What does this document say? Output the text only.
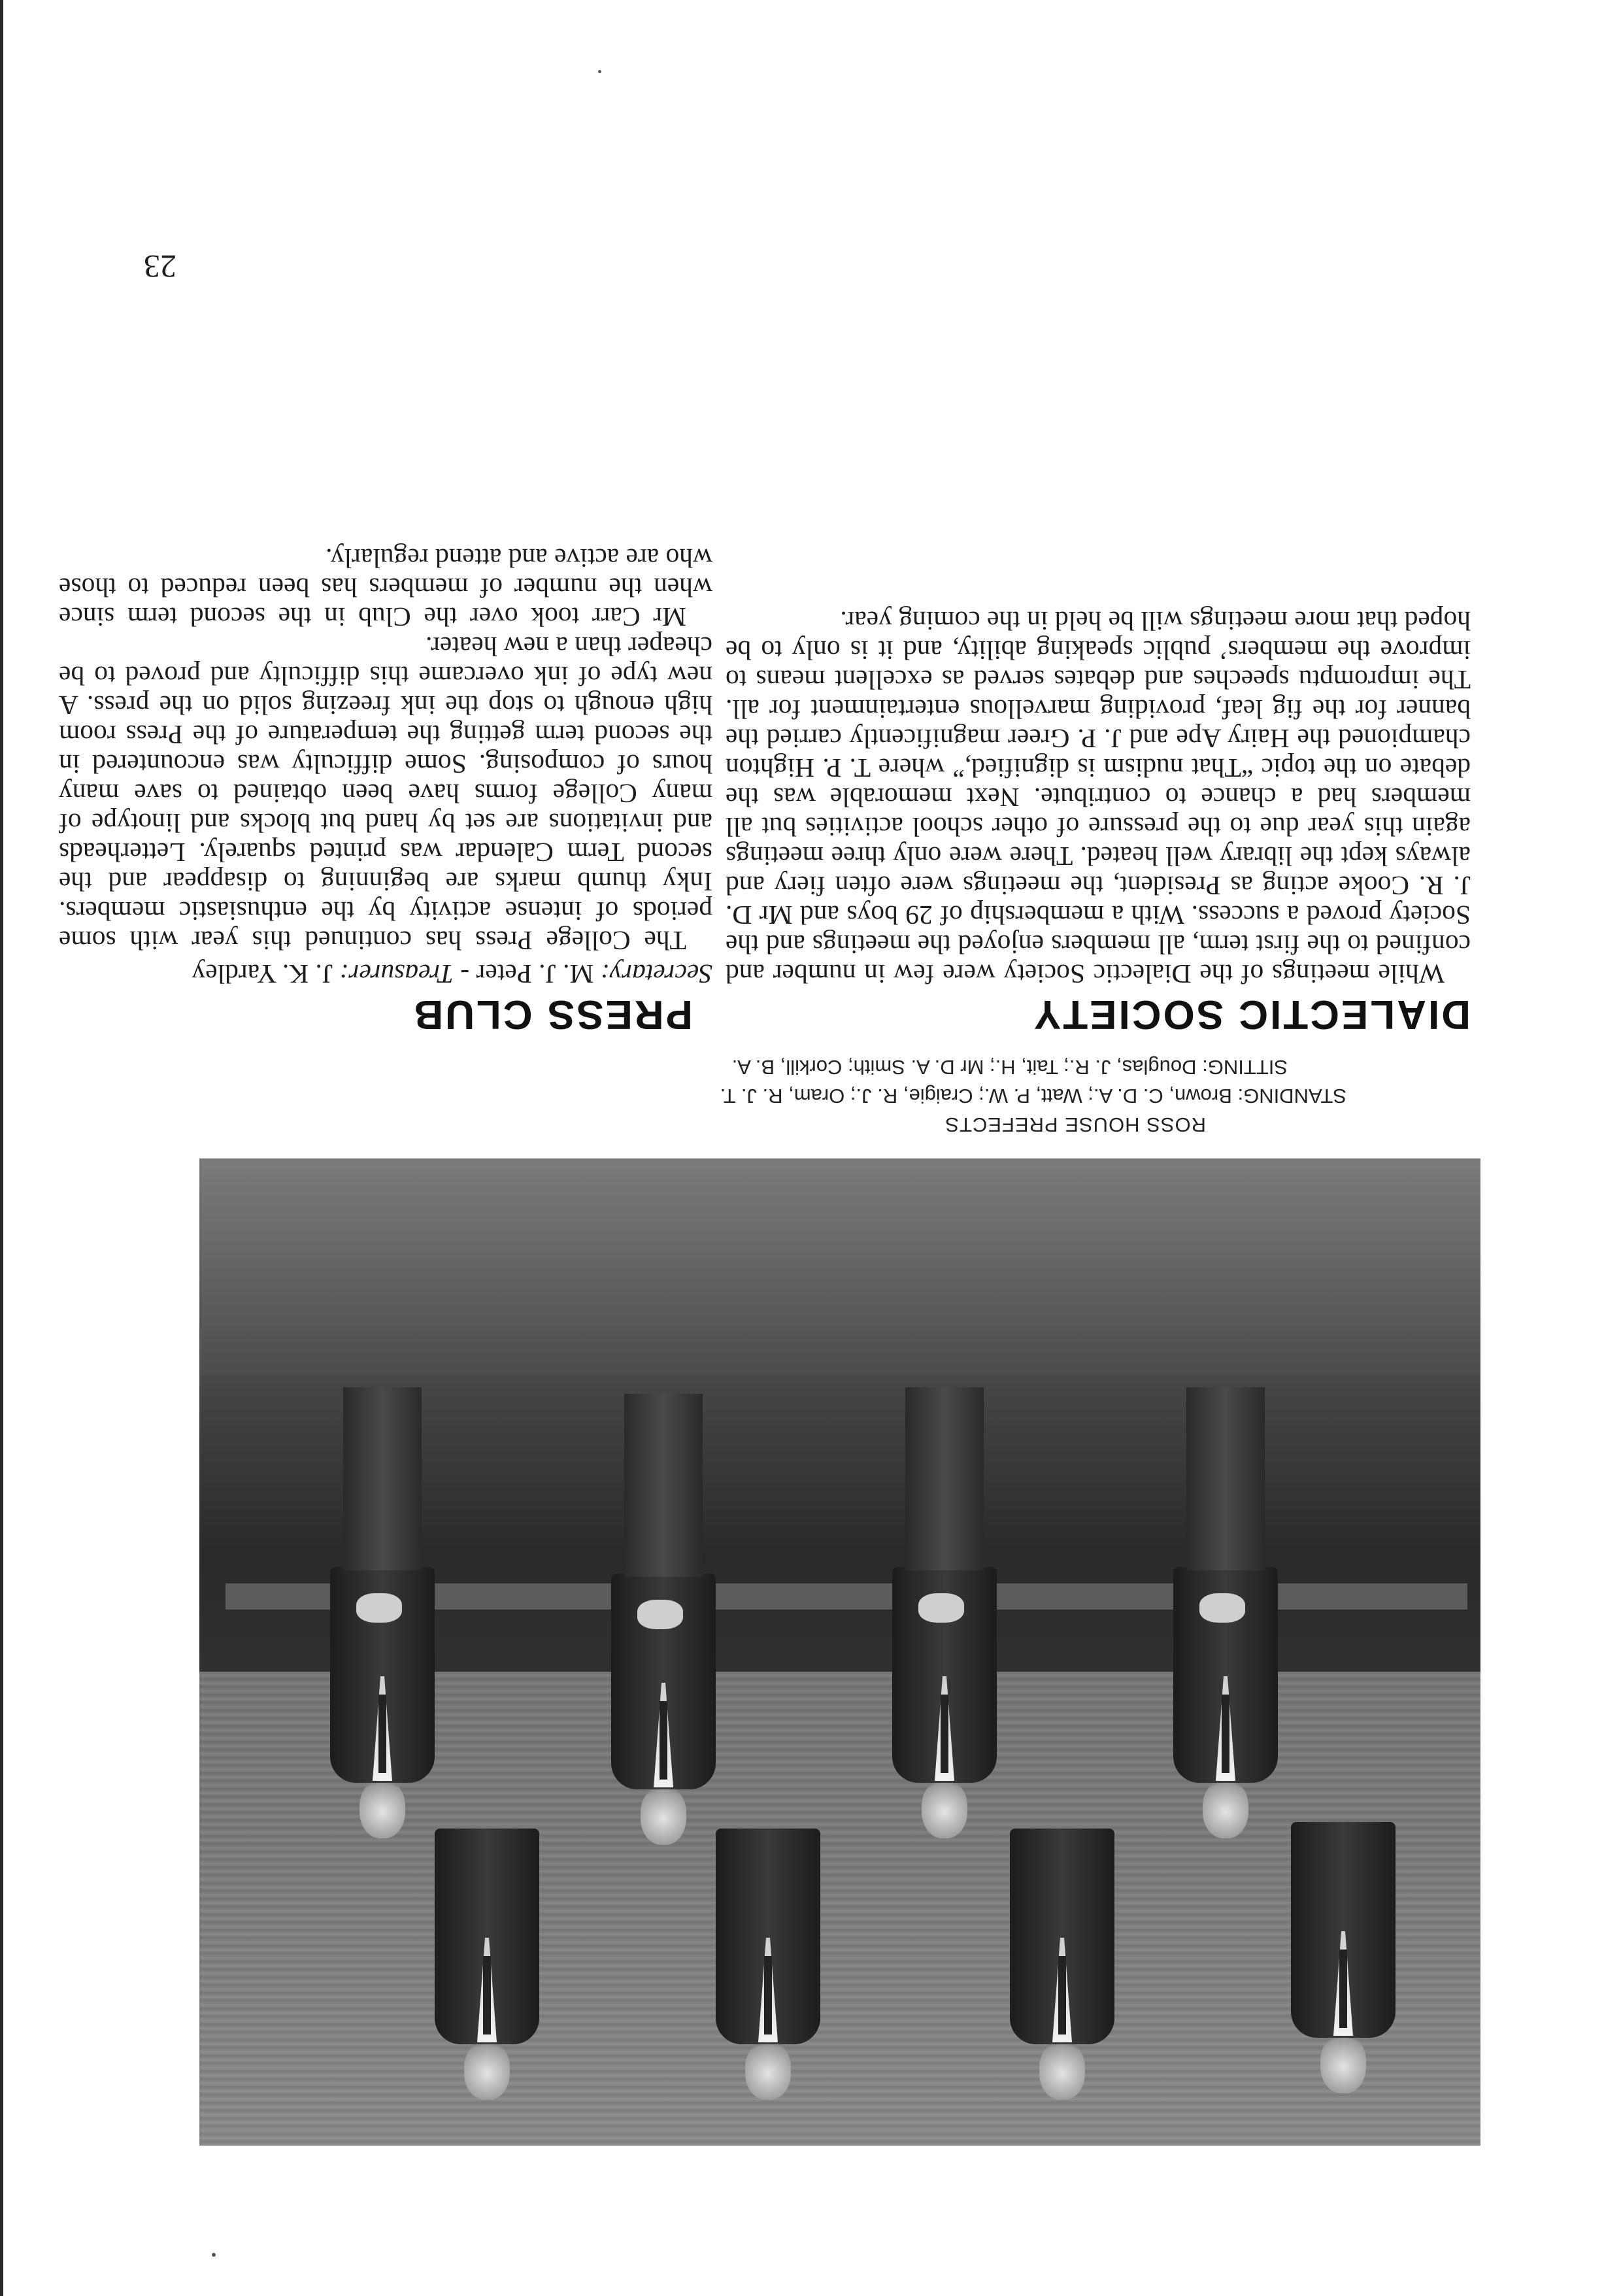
ROSS HOUSE PREFECTS
STANDING: Brown, C. D. A.; Watt, P. W.; Craigie, R. J.; Oram, R. J. T.
SITTING: Douglas, J. R.; Tait, H.; Mr D. A. Smith; Corkill, B. A.
DIALECTIC SOCIETY
PRESS CLUB

While meetings of the Dialectic Society were few in number and confined to the first term, all members enjoyed the meetings and the Society proved a success. With a membership of 29 boys and Mr D. J. R. Cooke acting as President, the meetings were often fiery and always kept the library well heated. There were only three meetings again this year due to the pressure of other school activities but all members had a chance to contribute. Next memorable was the debate on the topic “That nudism is dignified,” where T. P. Highton championed the Hairy Ape and J. P. Greer magnificently carried the banner for the fig leaf, providing marvellous entertainment for all. The impromptu speeches and debates served as excellent means to improve the members’ public speaking ability, and it is only to be hoped that more meetings will be held in the coming year.

Secretary: M. J. Peter - Treasurer: J. K. Yardley

The College Press has continued this year with some periods of intense activity by the enthusiastic members. Inky thumb marks are beginning to disappear and the second Term Calendar was printed squarely. Letterheads and invitations are set by hand but blocks and linotype of many College forms have been obtained to save many hours of composing. Some difficulty was encountered in the second term getting the temperature of the Press room high enough to stop the ink freezing solid on the press. A new type of ink overcame this difficulty and proved to be cheaper than a new heater.

Mr Carr took over the Club in the second term since when the number of members has been reduced to those who are active and attend regularly.

23
